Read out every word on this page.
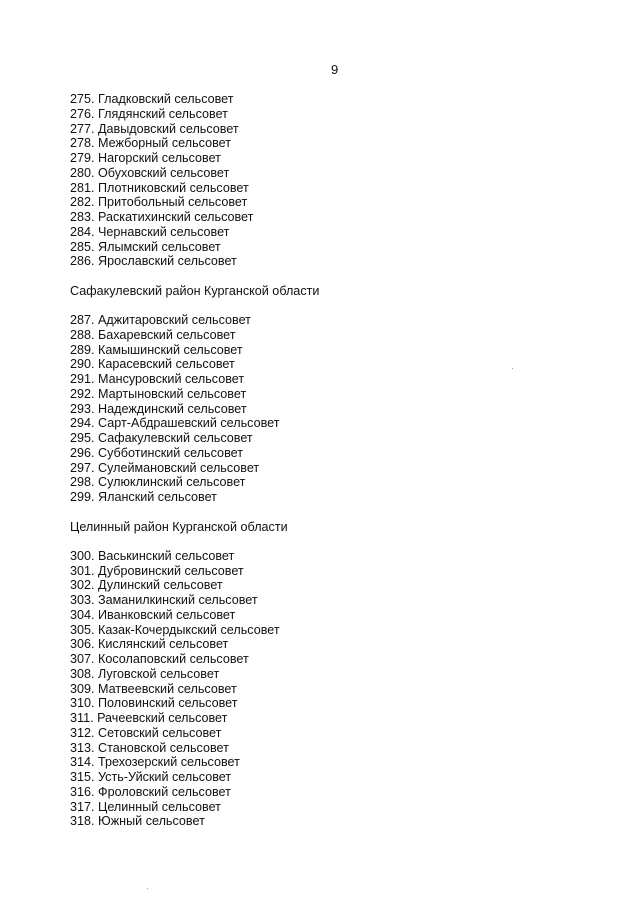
9
275. Гладковский сельсовет
276. Глядянский сельсовет
277. Давыдовский сельсовет
278. Межборный сельсовет
279. Нагорский сельсовет
280. Обуховский сельсовет
281. Плотниковский сельсовет
282. Притобольный сельсовет
283. Раскатихинский сельсовет
284. Чернавский сельсовет
285. Ялымский сельсовет
286. Ярославский сельсовет
Сафакулевский район Курганской области
287. Аджитаровский сельсовет
288. Бахаревский сельсовет
289. Камышинский сельсовет
290. Карасевский сельсовет
291. Мансуровский сельсовет
292. Мартыновский сельсовет
293. Надеждинский сельсовет
294. Сарт-Абдрашевский сельсовет
295. Сафакулевский сельсовет
296. Субботинский сельсовет
297. Сулеймановский сельсовет
298. Сулюклинский сельсовет
299. Яланский сельсовет
Целинный район Курганской области
300. Васькинский сельсовет
301. Дубровинский сельсовет
302. Дулинский сельсовет
303. Заманилкинский сельсовет
304. Иванковский сельсовет
305. Казак-Кочердыкский сельсовет
306. Кислянский сельсовет
307. Косолаповский сельсовет
308. Луговской сельсовет
309. Матвеевский сельсовет
310. Половинский сельсовет
311. Рачеевский сельсовет
312. Сетовский сельсовет
313. Становской сельсовет
314. Трехозерский сельсовет
315. Усть-Уйский сельсовет
316. Фроловский сельсовет
317. Целинный сельсовет
318. Южный сельсовет
